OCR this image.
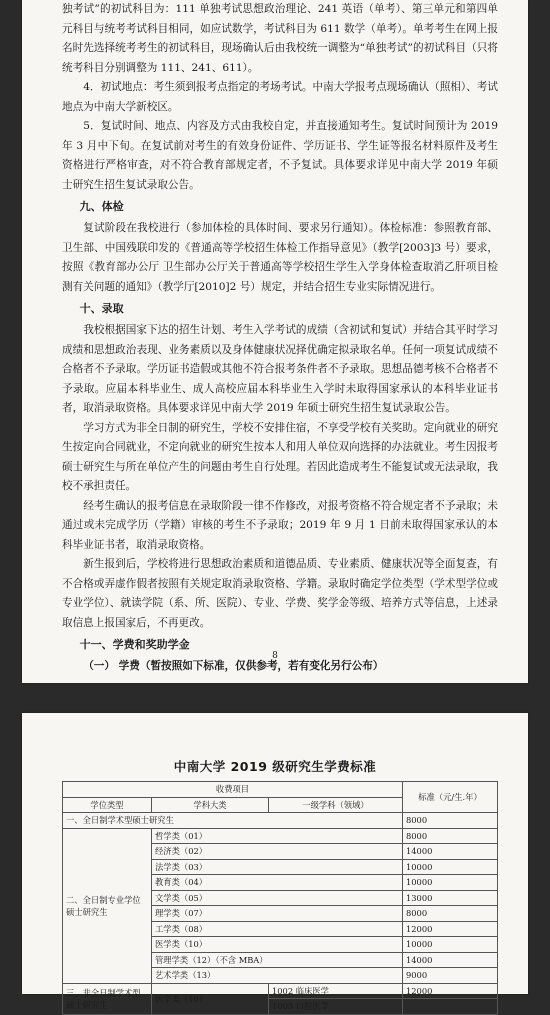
独考试”的初试科目为：111 单独考试思想政治理论、241 英语（单考）、第三单元和第四单元科目与统考考试科目相同，如应试数学，考试科目为 611 数学（单考）。单考考生在网上报名时先选择统考考生的初试科目，现场确认后由我校统一调整为“单独考试”的初试科目（只将统考科目分别调整为 111、241、611）。

4．初试地点：考生须到报考点指定的考场考试。中南大学报考点现场确认（照相）、考试地点为中南大学新校区。

5．复试时间、地点、内容及方式由我校自定，并直接通知考生。复试时间预计为 2019 年 3 月中下旬。在复试前对考生的有效身份证件、学历证书、学生证等报名材料原件及考生资格进行严格审查，对不符合教育部规定者，不予复试。具体要求详见中南大学 2019 年硕士研究生招生复试录取公告。

九、体检

复试阶段在我校进行（参加体检的具体时间、要求另行通知）。体检标准：参照教育部、卫生部、中国残联印发的《普通高等学校招生体检工作指导意见》（教学[2003]3 号）要求，按照《教育部办公厅 卫生部办公厅关于普通高等学校招生学生入学身体检查取消乙肝项目检测有关问题的通知》（教学厅[2010]2 号）规定，并结合招生专业实际情况进行。

十、录取

我校根据国家下达的招生计划、考生入学考试的成绩（含初试和复试）并结合其平时学习成绩和思想政治表现、业务素质以及身体健康状况择优确定拟录取名单。任何一项复试成绩不合格者不予录取。学历证书造假或其他不符合报考条件者不予录取。思想品德考核不合格者不予录取。应届本科毕业生、成人高校应届本科毕业生入学时未取得国家承认的本科毕业证书者，取消录取资格。具体要求详见中南大学 2019 年硕士研究生招生复试录取公告。

学习方式为非全日制的研究生，学校不安排住宿，不享受学校有关奖助。定向就业的研究生按定向合同就业，不定向就业的研究生按本人和用人单位双向选择的办法就业。考生因报考硕士研究生与所在单位产生的问题由考生自行处理。若因此造成考生不能复试或无法录取，我校不承担责任。

经考生确认的报考信息在录取阶段一律不作修改，对报考资格不符合规定者不予录取；未通过或未完成学历（学籍）审核的考生不予录取；2019 年 9 月 1 日前未取得国家承认的本科毕业证书者，取消录取资格。

新生报到后，学校将进行思想政治素质和道德品质、专业素质、健康状况等全面复查，有不合格或弄虚作假者按照有关规定取消录取资格、学籍。录取时确定学位类型（学术型学位或专业学位）、就读学院（系、所、医院）、专业、学费、奖学金等级、培养方式等信息，上述录取信息上报国家后，不再更改。

十一、学费和奖助学金

（一） 学费（暂按照如下标准，仅供参考，若有变化另行公布）

8
中南大学 2019 级研究生学费标准
收费项目			标准（元/生.年）
学位类型	学科大类	一级学科（领域）	
一、全日制学术型硕士研究生			8000
二、全日制专业学位硕士研究生	哲学类（01）		8000
	经济类（02）		14000
	法学类（03）		10000
	教育类（04）		10000
	文学类（05）		13000
	理学类（07）		8000
	工学类（08）		12000
	医学类（10）		10000
	管理学类（12）（不含 MBA）		14000
	艺术学类（13）		9000
三、非全日制学术型硕士研究生	医学类（10）	1002 临床医学	12000
		1003 口腔医学	
